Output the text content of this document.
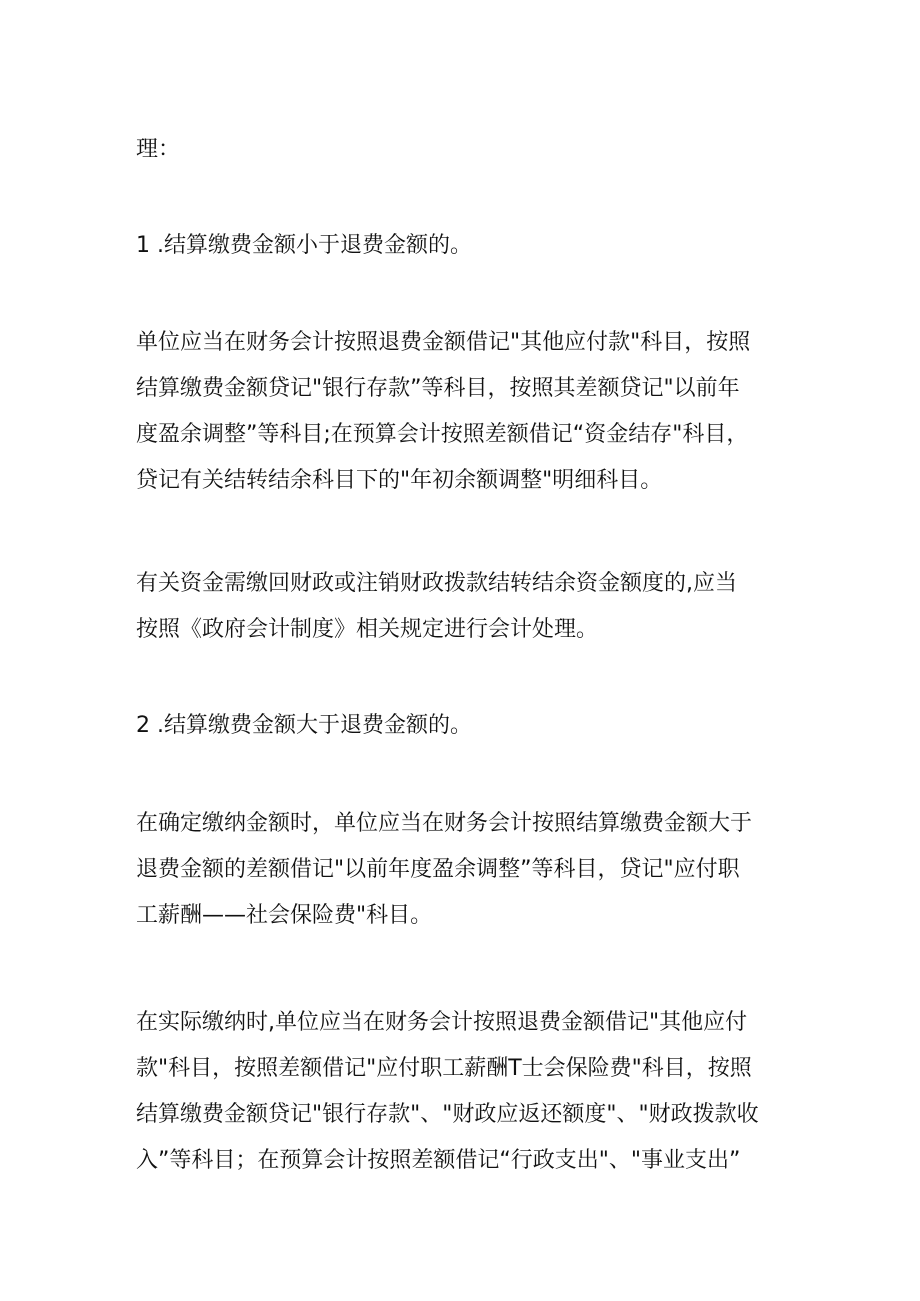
理：

1 .结算缴费金额小于退费金额的。

单位应当在财务会计按照退费金额借记"其他应付款"科目，按照
结算缴费金额贷记"银行存款”等科目，按照其差额贷记"以前年
度盈余调整”等科目;在预算会计按照差额借记“资金结存"科目，
贷记有关结转结余科目下的"年初余额调整"明细科目。

有关资金需缴回财政或注销财政拨款结转结余资金额度的,应当
按照《政府会计制度》相关规定进行会计处理。

2 .结算缴费金额大于退费金额的。

在确定缴纳金额时，单位应当在财务会计按照结算缴费金额大于
退费金额的差额借记"以前年度盈余调整”等科目，贷记"应付职
工薪酬——社会保险费"科目。

在实际缴纳时,单位应当在财务会计按照退费金额借记"其他应付
款"科目，按照差额借记"应付职工薪酬T士会保险费"科目，按照
结算缴费金额贷记"银行存款"、"财政应返还额度"、"财政拨款收
入”等科目；在预算会计按照差额借记“行政支出"、"事业支出”
